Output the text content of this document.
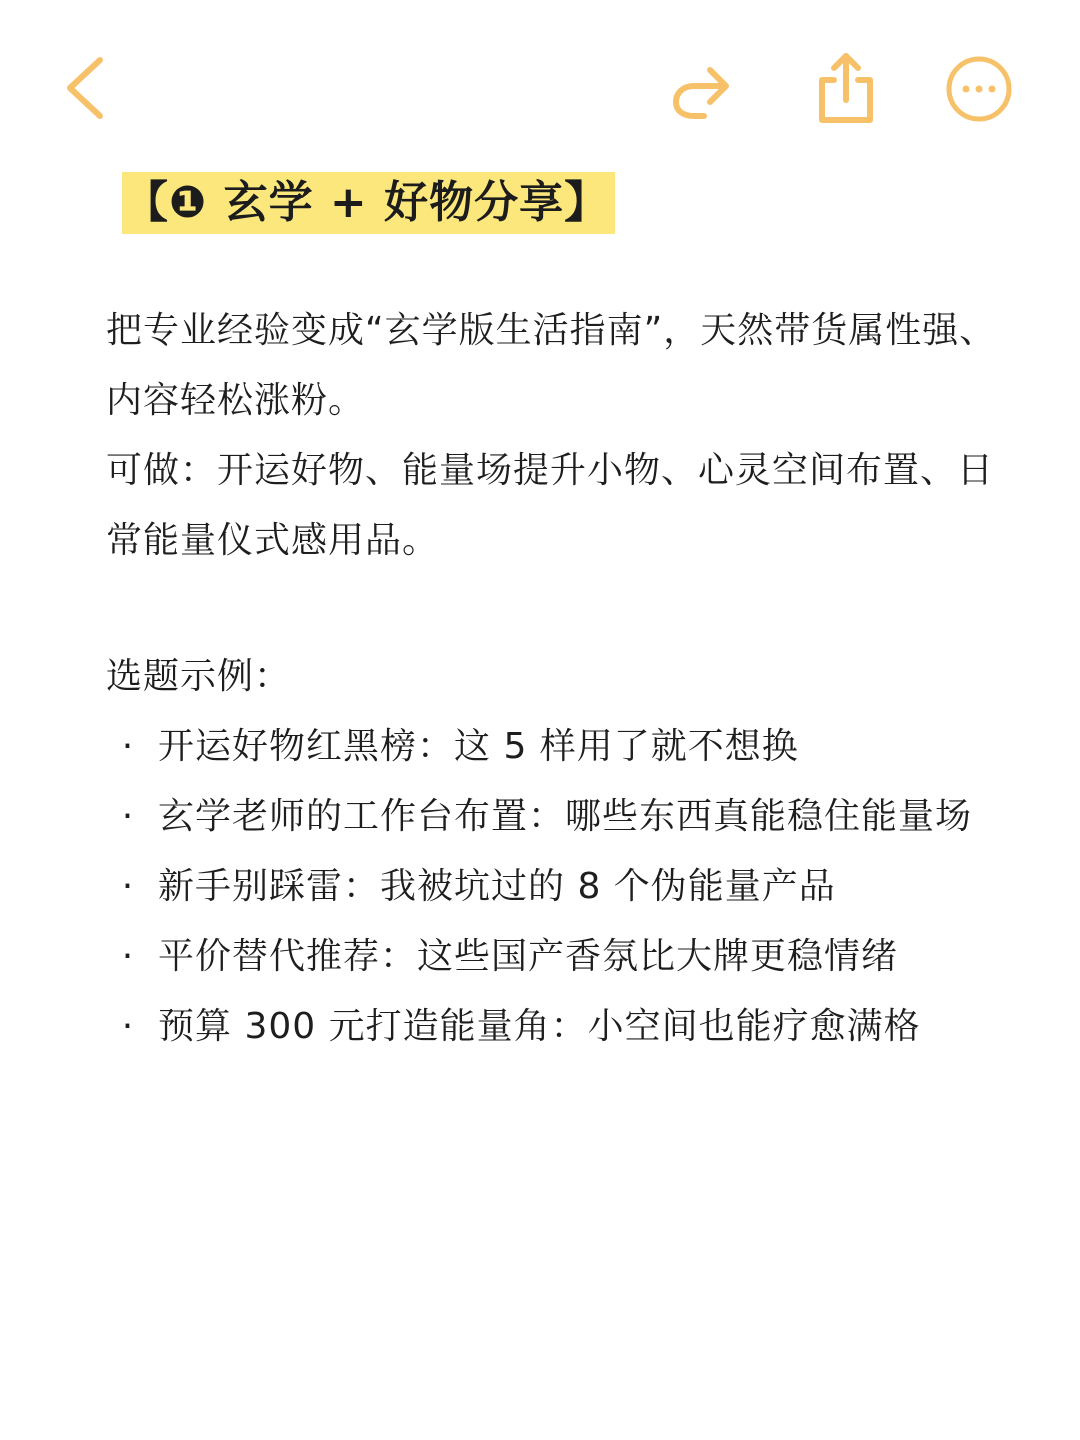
【❶ 玄学 + 好物分享】

把专业经验变成“玄学版生活指南”，天然带货属性强、内容轻松涨粉。

可做：开运好物、能量场提升小物、心灵空间布置、日常能量仪式感用品。

选题示例：
· 开运好物红黑榜：这 5 样用了就不想换
· 玄学老师的工作台布置：哪些东西真能稳住能量场
· 新手别踩雷：我被坑过的 8 个伪能量产品
· 平价替代推荐：这些国产香氛比大牌更稳情绪
· 预算 300 元打造能量角：小空间也能疗愈满格
